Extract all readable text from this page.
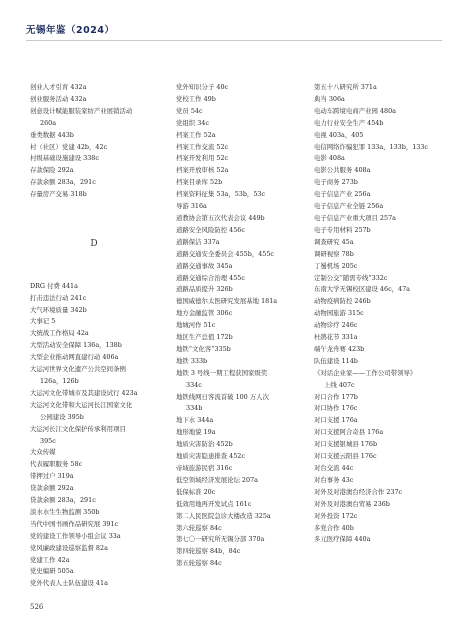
无锡年鉴（2024）
创业人才引育 432a
创业服务活动 432a
创意设计赋能服装家纺产业展销活动
260a
垂类数据 443b
村（社区）党建 42b，42c
村级基础设施建设 338c
存款保险 292a
存款余额 283a，291c
存量房产交易 318b
D
DRG 付费 441a
打击违法行动 241c
大气环境质量 342b
大事记 5
大统战工作格局 42a
大型活动安全保障 136a，138b
大型企业推动网直建行动 406a
大运河世界文化遗产公共空间条例
126a，126b
大运河文化带城市及其建设试行 423a
大运河文化带和大运河长江国家文化
公园建设 395b
大运河长江文化保护传承利用项目
395c
大众传媒
代表履职服务 58c
带押过户 319a
贷款余额 292a
贷款余额 283a，291c
淡水水生生物监测 350b
当代中国书画作品研究展 391c
党的建设工作领导小组会议 33a
党风廉政建设巡察监督 82a
党建工作 42a
党史编研 505a
党外代表人士队伍建设 41a
党外知识分子 40c
党校工作 49b
党员 54c
党组织 34c
档案工作 52a
档案工作交流 52c
档案开发利用 52c
档案开放审核 52a
档案目录库 52b
档案资料征集 53a，53b，53c
导游 316a
道教协会第五次代表会议 449b
道路安全风险防控 456c
道路保洁 337a
道路交通安全委员会 455b，455c
道路交通事故 345a
道路交通综合治理 455c
道路品质提升 326b
德国威德尔太医研究发展基地 181a
地方金融监管 306c
地城河作 51c
地区生产总值 172b
地铁“文化客”335b
地铁 333b
地铁 3 号线一期工程获国家级奖
334c
地铁线网日客流首破 100 万人次
334b
地下水 344a
地形地貌 19a
地质灾害防治 452b
地质灾害隐患排查 452c
帝域旅游民宿 316c
低空领域经济发展论坛 207a
低保标准 20c
低效用地再开发试点 161c
第二人民医院急诊大楼改造 325a
第六轮巡察 84c
第七〇一研究所无锡分部 370a
第四轮巡察 84b，84c
第五轮巡察 84c
第五十八研究所 371a
典当 306a
电动车跨境电商产业园 480a
电力行业安全生产 454b
电视 403a，405
电信网络诈骗犯罪 133a，133b，133c
电影 408a
电影公共服务 408a
电子商务 273b
电子信息产业 256a
电子信息产业全链 256a
电子信息产业重大项目 257a
电子专用材料 257b
调查研究 45a
调研视察 78b
丁蜀机场 205c
定制公交“随需专线”332c
东南大学无锡校区建设 46c，47a
动物疫病防控 246b
动物园旅游 315c
动物诊疗 246c
杜鹃花节 331a
端午龙舟赛 423b
队伍建设 114b
《对话企业家——工作公司带领导》
上线 407c
对口合作 177b
对口协作 176c
对口支援 176a
对口支援阿合奇县 176a
对口支援银城县 176b
对口支援云阳县 176c
对台交流 44c
对台事务 43c
对外及对港澳台经济合作 237c
对外及对港澳台贸易 236b
对外投资 172c
多党合作 40b
多元医疗保障 440a
526
